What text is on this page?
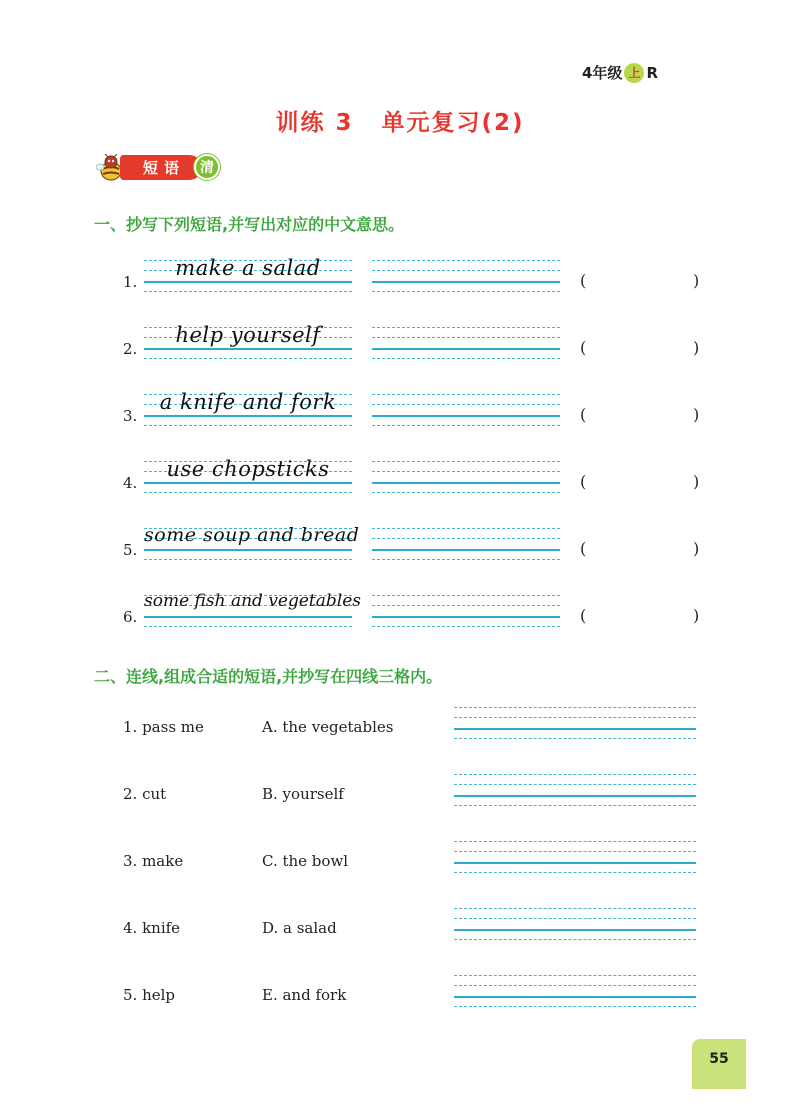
4年级 上 R
训练 3 单元复习(2)
短语	清
一、抄写下列短语,并写出对应的中文意思。
1.
make a salad
(	)
2.
help yourself
(	)
3.
a knife and fork
(	)
4.
use chopsticks
(	)
5.
some soup and bread
(	)
6.
some fish and vegetables
(	)
二、连线,组成合适的短语,并抄写在四线三格内。
1. pass me	A. the vegetables
2. cut	B. yourself
3. make	C. the bowl
4. knife	D. a salad
5. help	E. and fork
55
